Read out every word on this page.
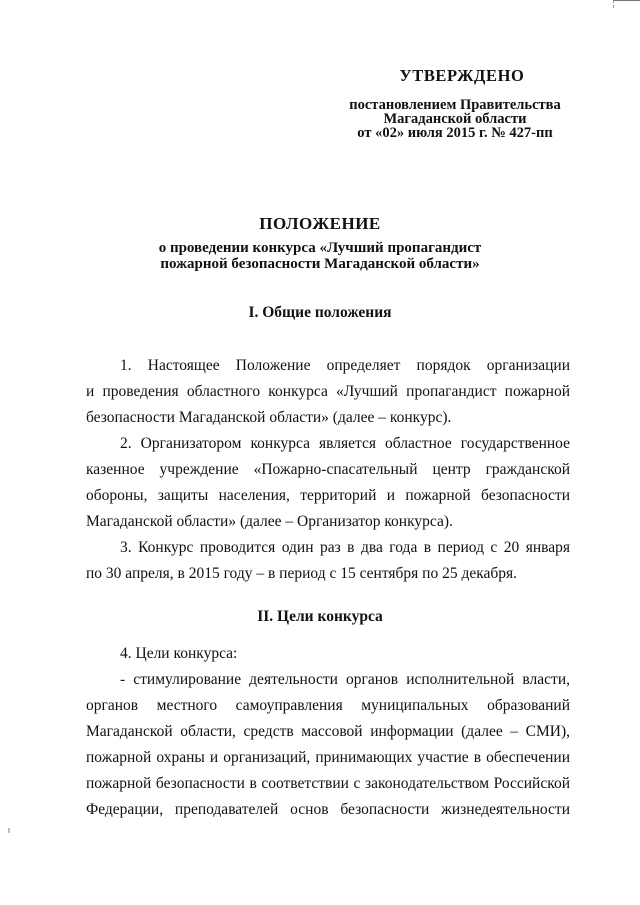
УТВЕРЖДЕНО
постановлением Правительства
Магаданской области
от «02» июля 2015 г. № 427-пп
ПОЛОЖЕНИЕ
о проведении конкурса «Лучший пропагандист
пожарной безопасности Магаданской области»
I. Общие положения

1. Настоящее Положение определяет порядок организации

и проведения областного конкурса «Лучший пропагандист пожарной

безопасности Магаданской области» (далее – конкурс).

2. Организатором конкурса является областное государственное

казенное учреждение «Пожарно-спасательный центр гражданской

обороны, защиты населения, территорий и пожарной безопасности

Магаданской области» (далее – Организатор конкурса).

3. Конкурс проводится один раз в два года в период с 20 января

по 30 апреля, в 2015 году – в период с 15 сентября по 25 декабря.

II. Цели конкурса

4. Цели конкурса:

- стимулирование деятельности органов исполнительной власти,

органов местного самоуправления муниципальных образований

Магаданской области, средств массовой информации (далее – СМИ),

пожарной охраны и организаций, принимающих участие в обеспечении

пожарной безопасности в соответствии с законодательством Российской

Федерации, преподавателей основ безопасности жизнедеятельности
